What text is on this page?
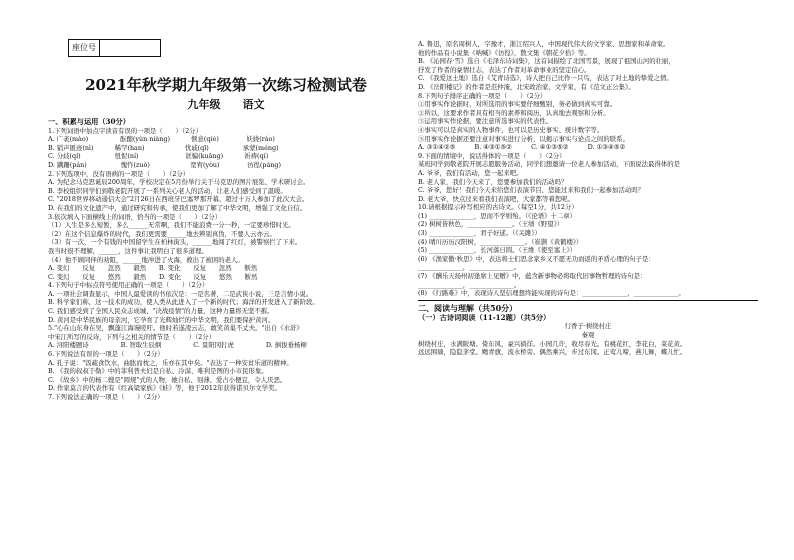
座位号
2021年秋学期九年级第一次练习检测试卷
九年级　　语文
一、积累与运用（30分）
1.下列词语中加点字读音有误的一项是（　　）（2分）
A. 广袤(mào)　　　　　酝酿(yùn niàng)　　　 惬意(qiè)　　　　 妖娆(ráo)
B. 销声匿迹(nì)　　　 稀罕(han)　　　　　　 忧戚(qī)　　　　　 承蒙(méng)
C. 分歧(qí)　　　　　 忸怩(ní)　　　　　　　 诓骗(kuāng)　　　 祈祷(qí)
D. 蹒跚(pán)　　　　　 愧怍(zuò)　　　　　　 宽宥(yòu)　　　　 彷徨(páng)
2.下列选项中，没有语病的一项是（　　）（2分）
A. 为纪念马克思诞辰200周年，学校决定在5月份举行关于马克思的图片展览、学术研讨会。
B. 李校组织同学们到敬老院开展了一系列关心老人的活动，让老人们感受到了温暖。
C. "2018世界移动通信大会"2月26日在西班牙巴塞罗那开幕，超过十万人参加了此次大会。
D. 在我们的文化遗产中，通过研究和传承，使我们更加了解了中华文明，增强了文化自信。
3.依次填入下面横线上的词语，恰当的一项是（　　）（2分）
（1）人生是多么短暂，多么______无常啊，我们不能浪费一分一秒，一定要珍惜时光。
（2）在这个信息爆炸的时代，我们更需要______地去辨别真伪，不要人云亦云。
（3）有一次，一个有钱的中国留学生在柏林街头，______地闯了红灯，被警察拦了下来。
我当时很不理解，______，这件事让我明白了很多道理。
（4）他不顾同伴的劝阻，______地冲进了火海，救出了被困的老人。
A. 变幻　　反复　　忽然　　毅然　　B. 变化　　反复　　忽然　　断然
C. 变幻　　反复　　悠然　　毅然　　D. 变化　　反复　　悠然　　断然
4.下列句子中标点符号使用正确的一项是（　　）（2分）
A. 一项社会调查显示，中国人最爱读的书依次是：一是名著，二是武侠小说，三是言情小说。
B. 科学家们称，这一技术的成功，使人类从此进入了一个新的时代；海洋的开发进入了新阶段。
C. 我们感受到了全国人民众志成城、"决战疫情"的力量，这种力量将无坚不摧。
D. 黄河是中华民族的母亲河，它孕育了光辉灿烂的中华文明，我们要保护黄河。
5."心在山东身在吴，飘蓬江海谩嗟吁。他时若遂凌云志，敢笑黄巢不丈夫。"出自《水浒》
中宋江所写的反诗，下列与之相关的情节是（　　）（2分）
A. 浔阳楼题诗　　　　　B. 智取生辰纲　　　　　C. 景阳冈打虎　　　　　D. 倒拔垂杨柳
6.下列说法有误的一项是（　　）（2分）
A. 孔子说："饭疏食饮水，曲肱而枕之，乐亦在其中矣。"表达了一种安贫乐道的精神。
B. 《我的叔叔于勒》中的菲利普夫妇是自私、冷漠、唯利是图的小市民形象。
C. 《故乡》中的杨二嫂是"圆规"式的人物，她自私、刻薄、爱占小便宜，令人厌恶。
D. 作家莫言的代表作有《红高粱家族》《蛙》等，他于2012年获得诺贝尔文学奖。
7.下列说法正确的一项是（　　）（2分）
A. 鲁迅，原名周树人，字豫才，浙江绍兴人，中国现代伟大的文学家、思想家和革命家。
他的作品有小说集《呐喊》《彷徨》，散文集《朝花夕拾》等。
B. 《沁园春·雪》选自《毛泽东诗词集》，这首词描绘了北国雪景，展现了祖国山河的壮丽，
抒发了作者的豪情壮志，表达了作者对革命事业的坚定信心。
C. 《我爱这土地》选自《艾青诗选》，诗人把自己比作一只鸟，表达了对土地的挚爱之情。
D. 《岳阳楼记》的作者是范仲淹，北宋政治家、文学家，有《范文正公集》。
8.下列句子排序正确的一项是（　　）（2分）
①用事实作论据时，对所选用的事实要仔细甄别，务必做到真实可靠。
②所以，这要求作者具有相当的素养和阅历，认真地去观察和分析。
③运用事实作论据，要注意所选事实的代表性。
④事实可以是真实的人物事件，也可以是历史事实、统计数字等。
⑤用事实作论据还要注意对事实进行分析，以揭示事实与论点之间的联系。
A. ③①④②⑤　　　B. ④③①⑤②　　　C. ④①③⑤②　　　D. ①③④⑤②
9.下面的情境中，说话得体的一项是（　　）（2分）
某班同学到敬老院开展志愿服务活动，同学们想邀请一位老人参加活动，下面说法最得体的是
A. 爷爷，我们有活动，您一起来吧。
B. 老人家，我们今天来了，您要参加我们的活动吗？
C. 爷爷，您好！我们今天来给您们表演节目，您能过来和我们一起参加活动吗？
D. 老大爷，快点过来看我们表演吧，大家都等着您呢。
10.请根据提示补写相应的古诗文。（每空1分，共12分）
(1) ______________，思而不学则殆。（《论语》十二章）
(2) 树树皆秋色，______________。（王绩《野望》）
(3) ______________，君子好逑。（《关雎》）
(4) 晴川历历汉阳树，______________。（崔颢《黄鹤楼》）
(5) ______________，长河落日圆。（王维《使至塞上》）
(6) 《渔家傲·秋思》中，表达将士们思念家乡又不愿无功而返的矛盾心理的句子是：
______________，______________。
(7) 《酬乐天扬州初逢席上见赠》中，蕴含新事物必将取代旧事物哲理的诗句是：
______________，______________。
(8) 《行路难》中，表现诗人坚信理想终能实现的诗句是：______________，______________。
二、阅读与理解（共50分）
（一）古诗词阅读（11-12题）（共5分）
行香子·树绕村庄
秦观
树绕村庄，水满陂塘。倚东风，豪兴徜徉。小园几许，收尽春光。有桃花红，李花白，菜花黄。
远远围墙，隐隐茅堂。飏青旗，流水桥旁。偶然乘兴，步过东冈。正莺儿啼，燕儿舞，蝶儿忙。
